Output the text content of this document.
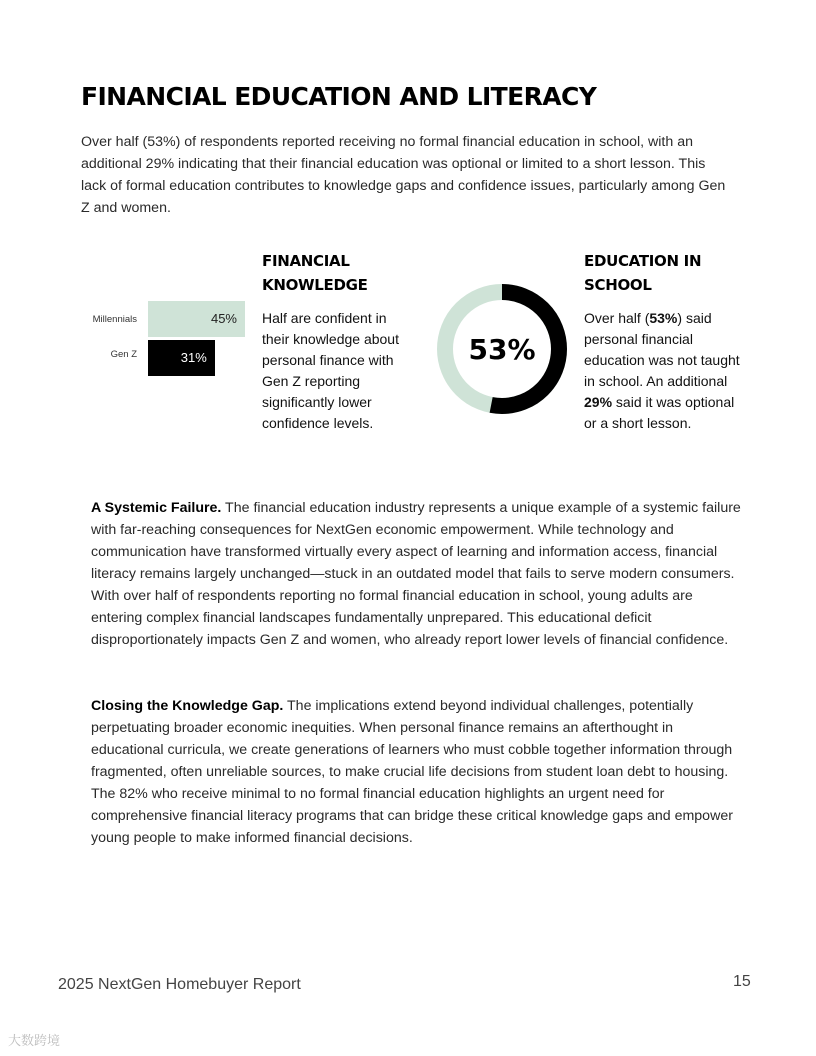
FINANCIAL EDUCATION AND LITERACY

Over half (53%) of respondents reported receiving no formal financial education in school, with an additional 29% indicating that their financial education was optional or limited to a short lesson. This lack of formal education contributes to knowledge gaps and confidence issues, particularly among Gen Z and women.

Millennials	45%
Gen Z	31%
FINANCIAL
KNOWLEDGE

Half are confident in their knowledge about personal finance with Gen Z reporting significantly lower confidence levels.

53%
EDUCATION IN
SCHOOL

Over half (53%) said personal financial education was not taught in school. An additional 29% said it was optional or a short lesson.

A Systemic Failure. The financial education industry represents a unique example of a systemic failure with far-reaching consequences for NextGen economic empowerment. While technology and communication have transformed virtually every aspect of learning and information access, financial literacy remains largely unchanged—stuck in an outdated model that fails to serve modern consumers. With over half of respondents reporting no formal financial education in school, young adults are entering complex financial landscapes fundamentally unprepared. This educational deficit disproportionately impacts Gen Z and women, who already report lower levels of financial confidence.

Closing the Knowledge Gap. The implications extend beyond individual challenges, potentially perpetuating broader economic inequities. When personal finance remains an afterthought in educational curricula, we create generations of learners who must cobble together information through fragmented, often unreliable sources, to make crucial life decisions from student loan debt to housing. The 82% who receive minimal to no formal financial education highlights an urgent need for comprehensive financial literacy programs that can bridge these critical knowledge gaps and empower young people to make informed financial decisions.

2025 NextGen Homebuyer Report	15
大数跨境
